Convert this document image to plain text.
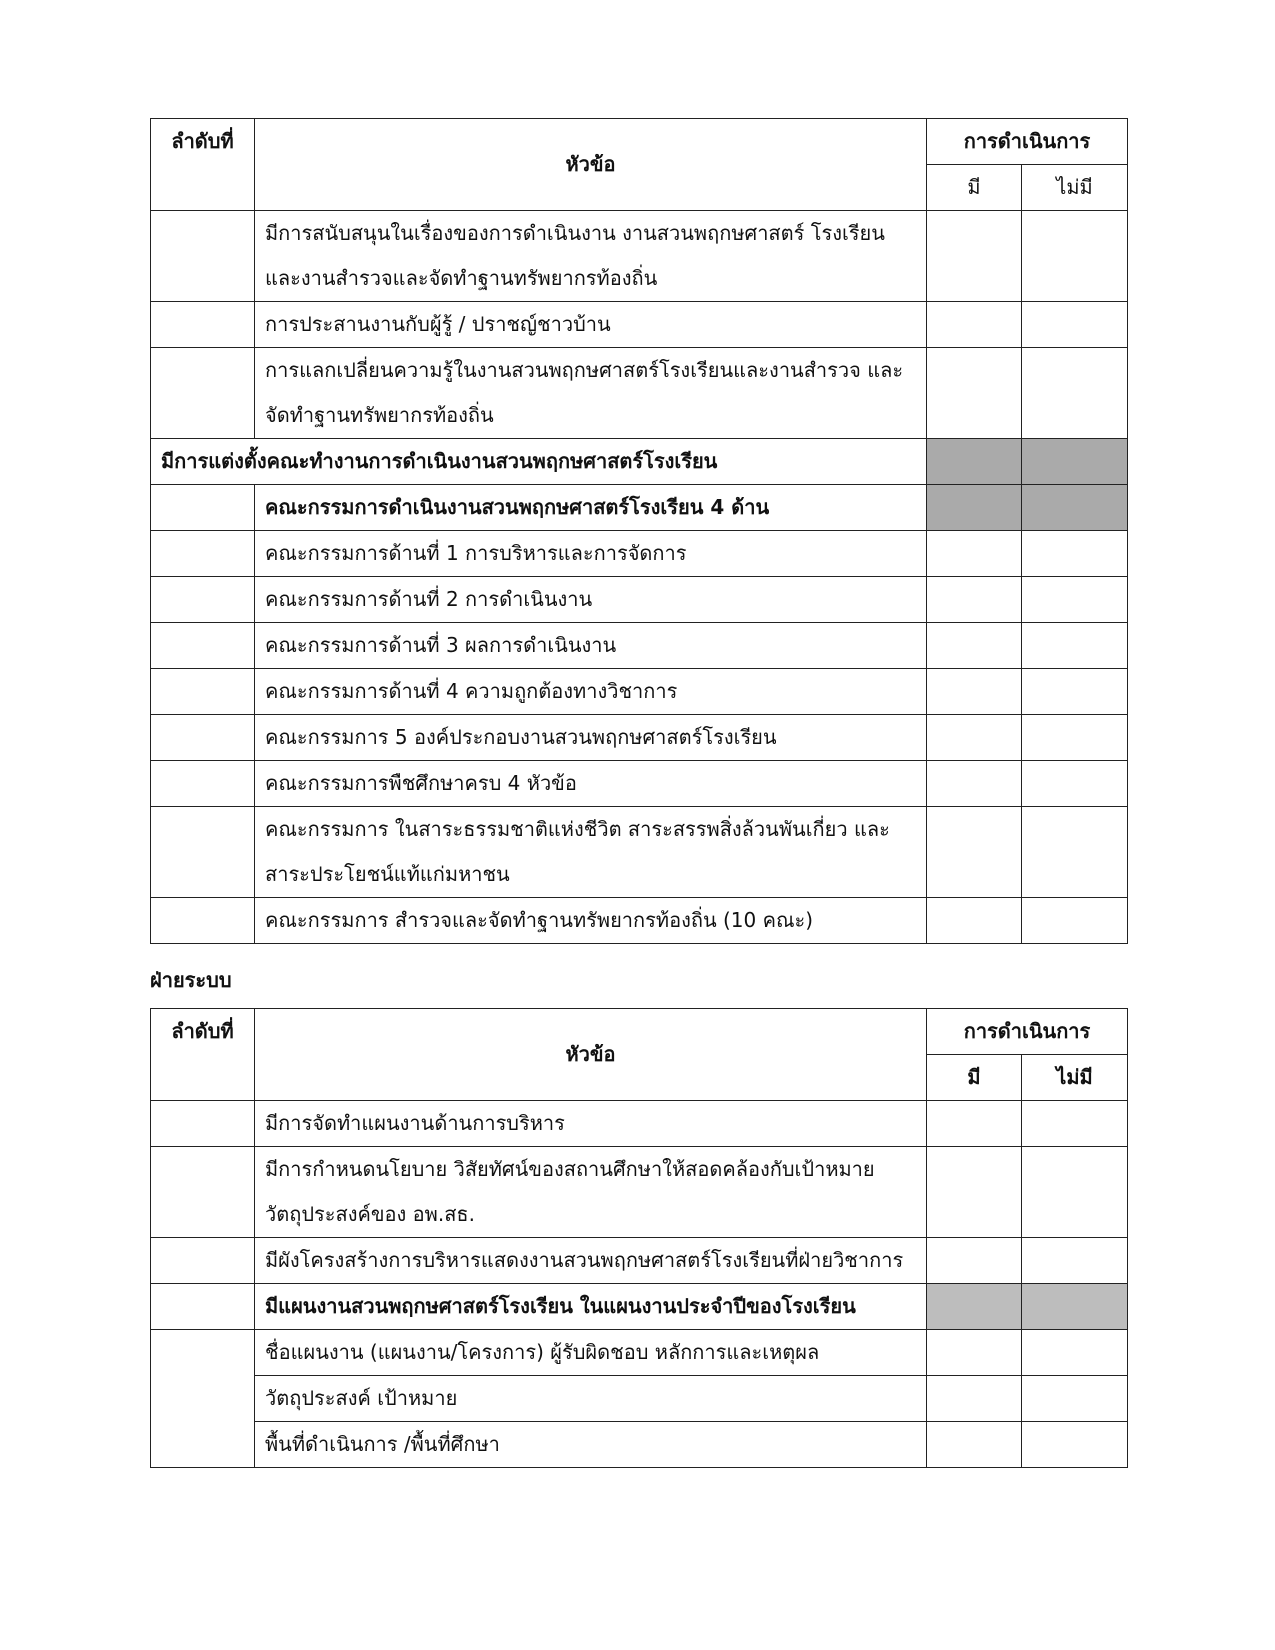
ลำดับที่	หัวข้อ	การดำเนินการ	
		มี	ไม่มี
	มีการสนับสนุนในเรื่องของการดำเนินงาน งานสวนพฤกษศาสตร์ โรงเรียน และงานสำรวจและจัดทำฐานทรัพยากรท้องถิ่น		
	การประสานงานกับผู้รู้ / ปราชญ์ชาวบ้าน		
	การแลกเปลี่ยนความรู้ในงานสวนพฤกษศาสตร์โรงเรียนและงานสำรวจ และจัดทำฐานทรัพยากรท้องถิ่น		
มีการแต่งตั้งคณะทำงานการดำเนินงานสวนพฤกษศาสตร์โรงเรียน			
	คณะกรรมการดำเนินงานสวนพฤกษศาสตร์โรงเรียน 4 ด้าน		
	คณะกรรมการด้านที่ 1 การบริหารและการจัดการ		
	คณะกรรมการด้านที่ 2 การดำเนินงาน		
	คณะกรรมการด้านที่ 3 ผลการดำเนินงาน		
	คณะกรรมการด้านที่ 4 ความถูกต้องทางวิชาการ		
	คณะกรรมการ 5 องค์ประกอบงานสวนพฤกษศาสตร์โรงเรียน		
	คณะกรรมการพืชศึกษาครบ 4 หัวข้อ		
	คณะกรรมการ ในสาระธรรมชาติแห่งชีวิต สาระสรรพสิ่งล้วนพันเกี่ยว และ สาระประโยชน์แท้แก่มหาชน		
	คณะกรรมการ สำรวจและจัดทำฐานทรัพยากรท้องถิ่น (10 คณะ)		
ฝ่ายระบบ
ลำดับที่	หัวข้อ	การดำเนินการ	
		มี	ไม่มี
	มีการจัดทำแผนงานด้านการบริหาร		
	มีการกำหนดนโยบาย วิสัยทัศน์ของสถานศึกษาให้สอดคล้องกับเป้าหมาย วัตถุประสงค์ของ อพ.สธ.		
	มีผังโครงสร้างการบริหารแสดงงานสวนพฤกษศาสตร์โรงเรียนที่ฝ่ายวิชาการ		
	มีแผนงานสวนพฤกษศาสตร์โรงเรียน ในแผนงานประจำปีของโรงเรียน		
	ชื่อแผนงาน (แผนงาน/โครงการ) ผู้รับผิดชอบ หลักการและเหตุผล		
	วัตถุประสงค์ เป้าหมาย		
	พื้นที่ดำเนินการ /พื้นที่ศึกษา		
